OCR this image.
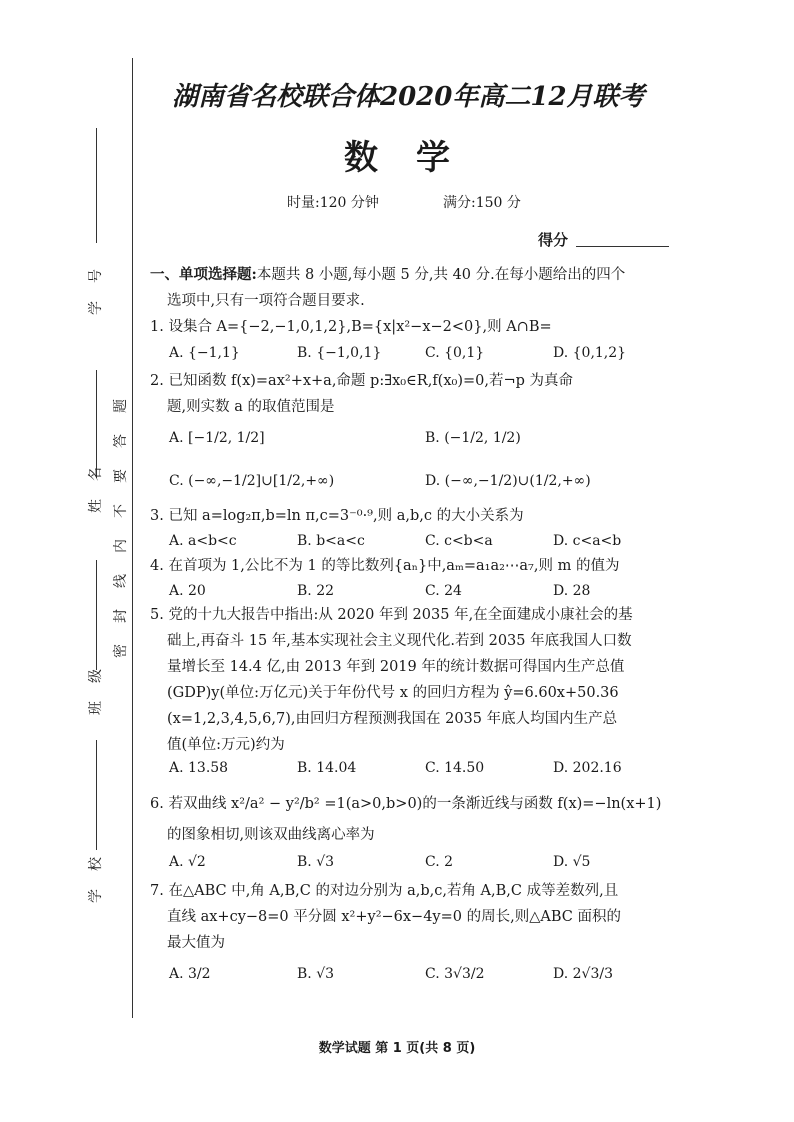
学号
姓名
班级
学校
密封线内不要答题
湖南省名校联合体2020年高二12月联考
数学
时量:120 分钟	满分:150 分
得分
一、单项选择题:本题共 8 小题,每小题 5 分,共 40 分.在每小题给出的四个
选项中,只有一项符合题目要求.
1. 设集合 A={−2,−1,0,1,2},B={x|x²−x−2<0},则 A∩B=
A. {−1,1}	B. {−1,0,1}	C. {0,1}	D. {0,1,2}
2. 已知函数 f(x)=ax²+x+a,命题 p:∃x₀∈R,f(x₀)=0,若¬p 为真命
题,则实数 a 的取值范围是
A. [−1/2, 1/2]	B. (−1/2, 1/2)
C. (−∞,−1/2]∪[1/2,+∞)	D. (−∞,−1/2)∪(1/2,+∞)
3. 已知 a=log₂π,b=ln π,c=3⁻⁰·⁹,则 a,b,c 的大小关系为
A. a<b<c	B. b<a<c	C. c<b<a	D. c<a<b
4. 在首项为 1,公比不为 1 的等比数列{aₙ}中,aₘ=a₁a₂⋯a₇,则 m 的值为
A. 20	B. 22	C. 24	D. 28
5. 党的十九大报告中指出:从 2020 年到 2035 年,在全面建成小康社会的基
础上,再奋斗 15 年,基本实现社会主义现代化.若到 2035 年底我国人口数
量增长至 14.4 亿,由 2013 年到 2019 年的统计数据可得国内生产总值
(GDP)y(单位:万亿元)关于年份代号 x 的回归方程为 ŷ=6.60x+50.36
(x=1,2,3,4,5,6,7),由回归方程预测我国在 2035 年底人均国内生产总
值(单位:万元)约为
A. 13.58	B. 14.04	C. 14.50	D. 202.16
6. 若双曲线 x²/a² − y²/b² =1(a>0,b>0)的一条渐近线与函数 f(x)=−ln(x+1)
的图象相切,则该双曲线离心率为
A. √2	B. √3	C. 2	D. √5
7. 在△ABC 中,角 A,B,C 的对边分别为 a,b,c,若角 A,B,C 成等差数列,且
直线 ax+cy−8=0 平分圆 x²+y²−6x−4y=0 的周长,则△ABC 面积的
最大值为
A. 3/2	B. √3	C. 3√3/2	D. 2√3/3
数学试题 第 1 页(共 8 页)
